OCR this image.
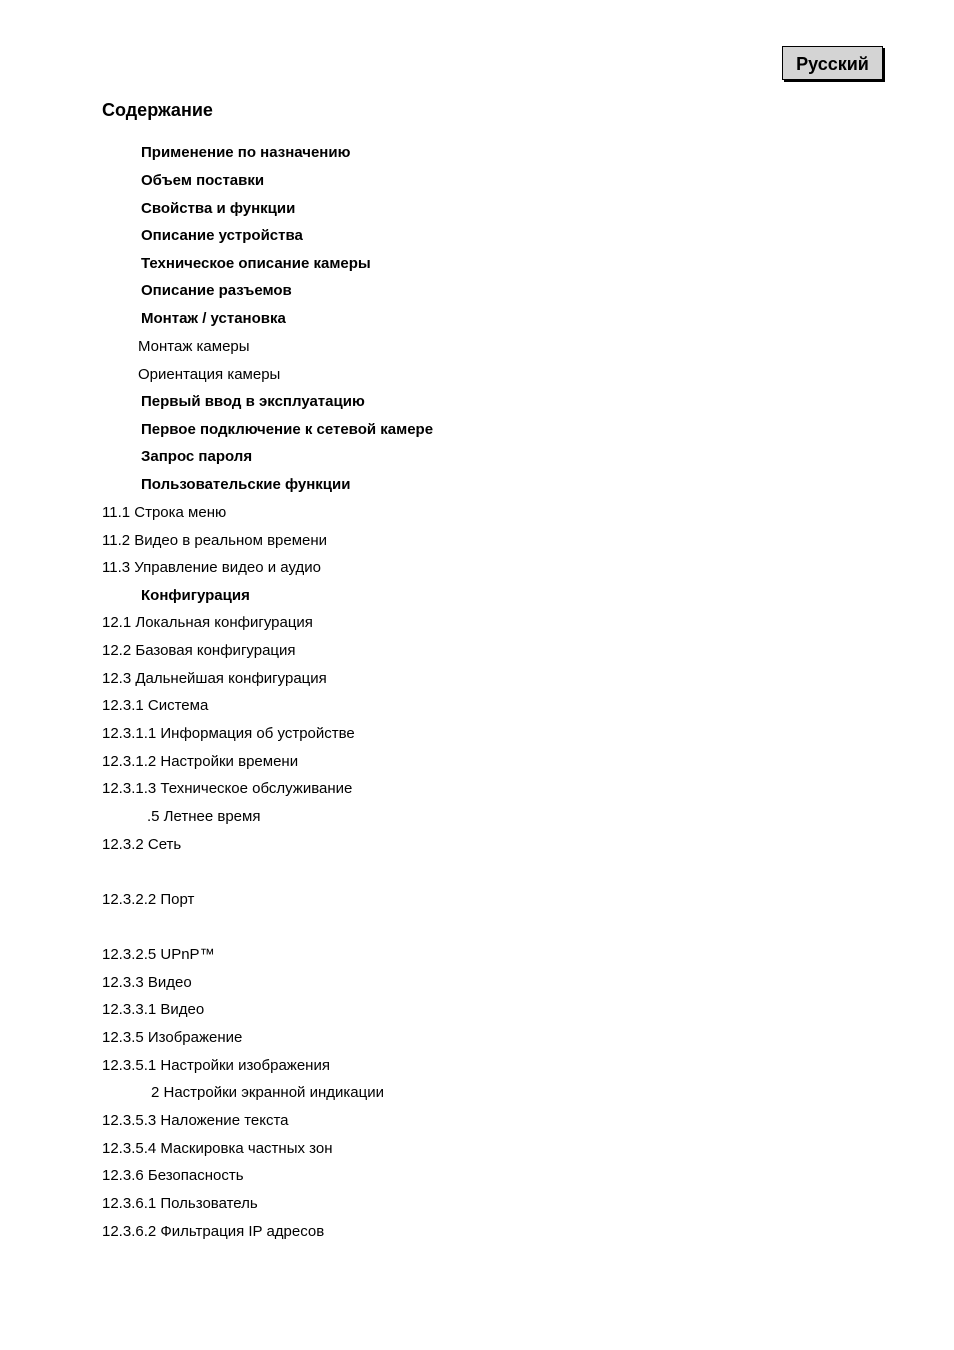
Русский
Содержание
Применение по назначению
Объем поставки
Свойства и функции
Описание устройства
Техническое описание камеры
Описание разъемов
Монтаж / установка
Монтаж камеры
Ориентация камеры
Первый ввод в эксплуатацию
Первое подключение к сетевой камере
Запрос пароля
Пользовательские функции
11.1 Строка меню
11.2 Видео в реальном времени
11.3 Управление видео и аудио
Конфигурация
12.1 Локальная конфигурация
12.2 Базовая конфигурация
12.3 Дальнейшая конфигурация
12.3.1 Система
12.3.1.1 Информация об устройстве
12.3.1.2 Настройки времени
12.3.1.3 Техническое обслуживание
.5 Летнее время
12.3.2 Сеть
12.3.2.2 Порт
12.3.2.5 UPnP™
12.3.3 Видео
12.3.3.1 Видео
12.3.5 Изображение
12.3.5.1 Настройки изображения
2 Настройки экранной индикации
12.3.5.3 Наложение текста
12.3.5.4 Маскировка частных зон
12.3.6 Безопасность
12.3.6.1 Пользователь
12.3.6.2 Фильтрация IP адресов
